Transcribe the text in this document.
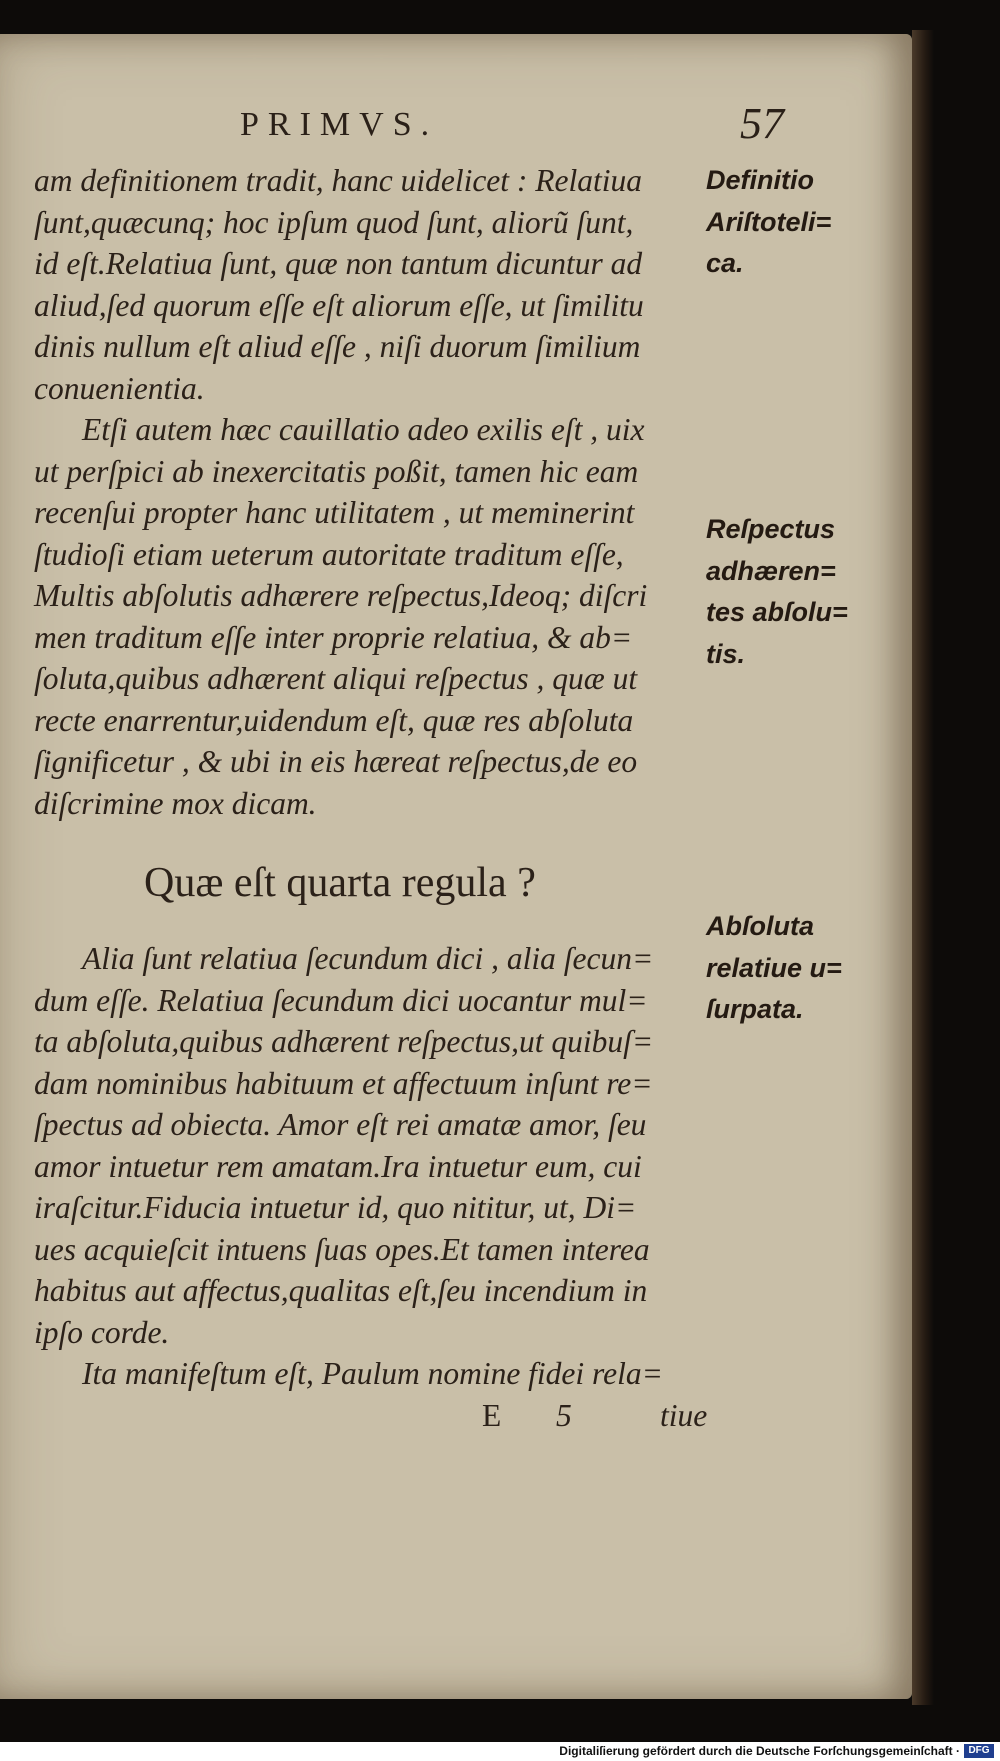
PRIMVS.	57
am definitionem tradit, hanc uidelicet : Relatiua
ſunt,quæcunq; hoc ipſum quod ſunt, aliorũ ſunt,
id eſt.Relatiua ſunt, quæ non tantum dicuntur ad
aliud,ſed quorum eſſe eſt aliorum eſſe, ut ſimilitu
dinis nullum eſt aliud eſſe , niſi duorum ſimilium
conuenientia.
Etſi autem hæc cauillatio adeo exilis eſt , uix
ut perſpici ab inexercitatis poßit, tamen hic eam
recenſui propter hanc utilitatem , ut meminerint
ſtudioſi etiam ueterum autoritate traditum eſſe,
Multis abſolutis adhærere reſpectus,Ideoq; diſcri
men traditum eſſe inter proprie relatiua, & ab=
ſoluta,quibus adhærent aliqui reſpectus , quæ ut
recte enarrentur,uidendum eſt, quæ res abſoluta
ſignificetur , & ubi in eis hæreat reſpectus,de eo
diſcrimine mox dicam.
Quæ eſt quarta regula ?
Alia ſunt relatiua ſecundum dici , alia ſecun=
dum eſſe. Relatiua ſecundum dici uocantur mul=
ta abſoluta,quibus adhærent reſpectus,ut quibuſ=
dam nominibus habituum et affectuum inſunt re=
ſpectus ad obiecta. Amor eſt rei amatæ amor, ſeu
amor intuetur rem amatam.Ira intuetur eum, cui
iraſcitur.Fiducia intuetur id, quo nititur, ut, Di=
ues acquieſcit intuens ſuas opes.Et tamen interea
habitus aut affectus,qualitas eſt,ſeu incendium in
ipſo corde.
Ita manifeſtum eſt, Paulum nomine fidei rela=
E 5	tiue
Definitio
Ariſtoteli=
ca.
Reſpectus
adhæren=
tes abſolu=
tis.
Abſoluta
relatiue u=
ſurpata.
Digitaliſierung gefördert durch die Deutsche Forſchungsgemeinſchaft · DFG
